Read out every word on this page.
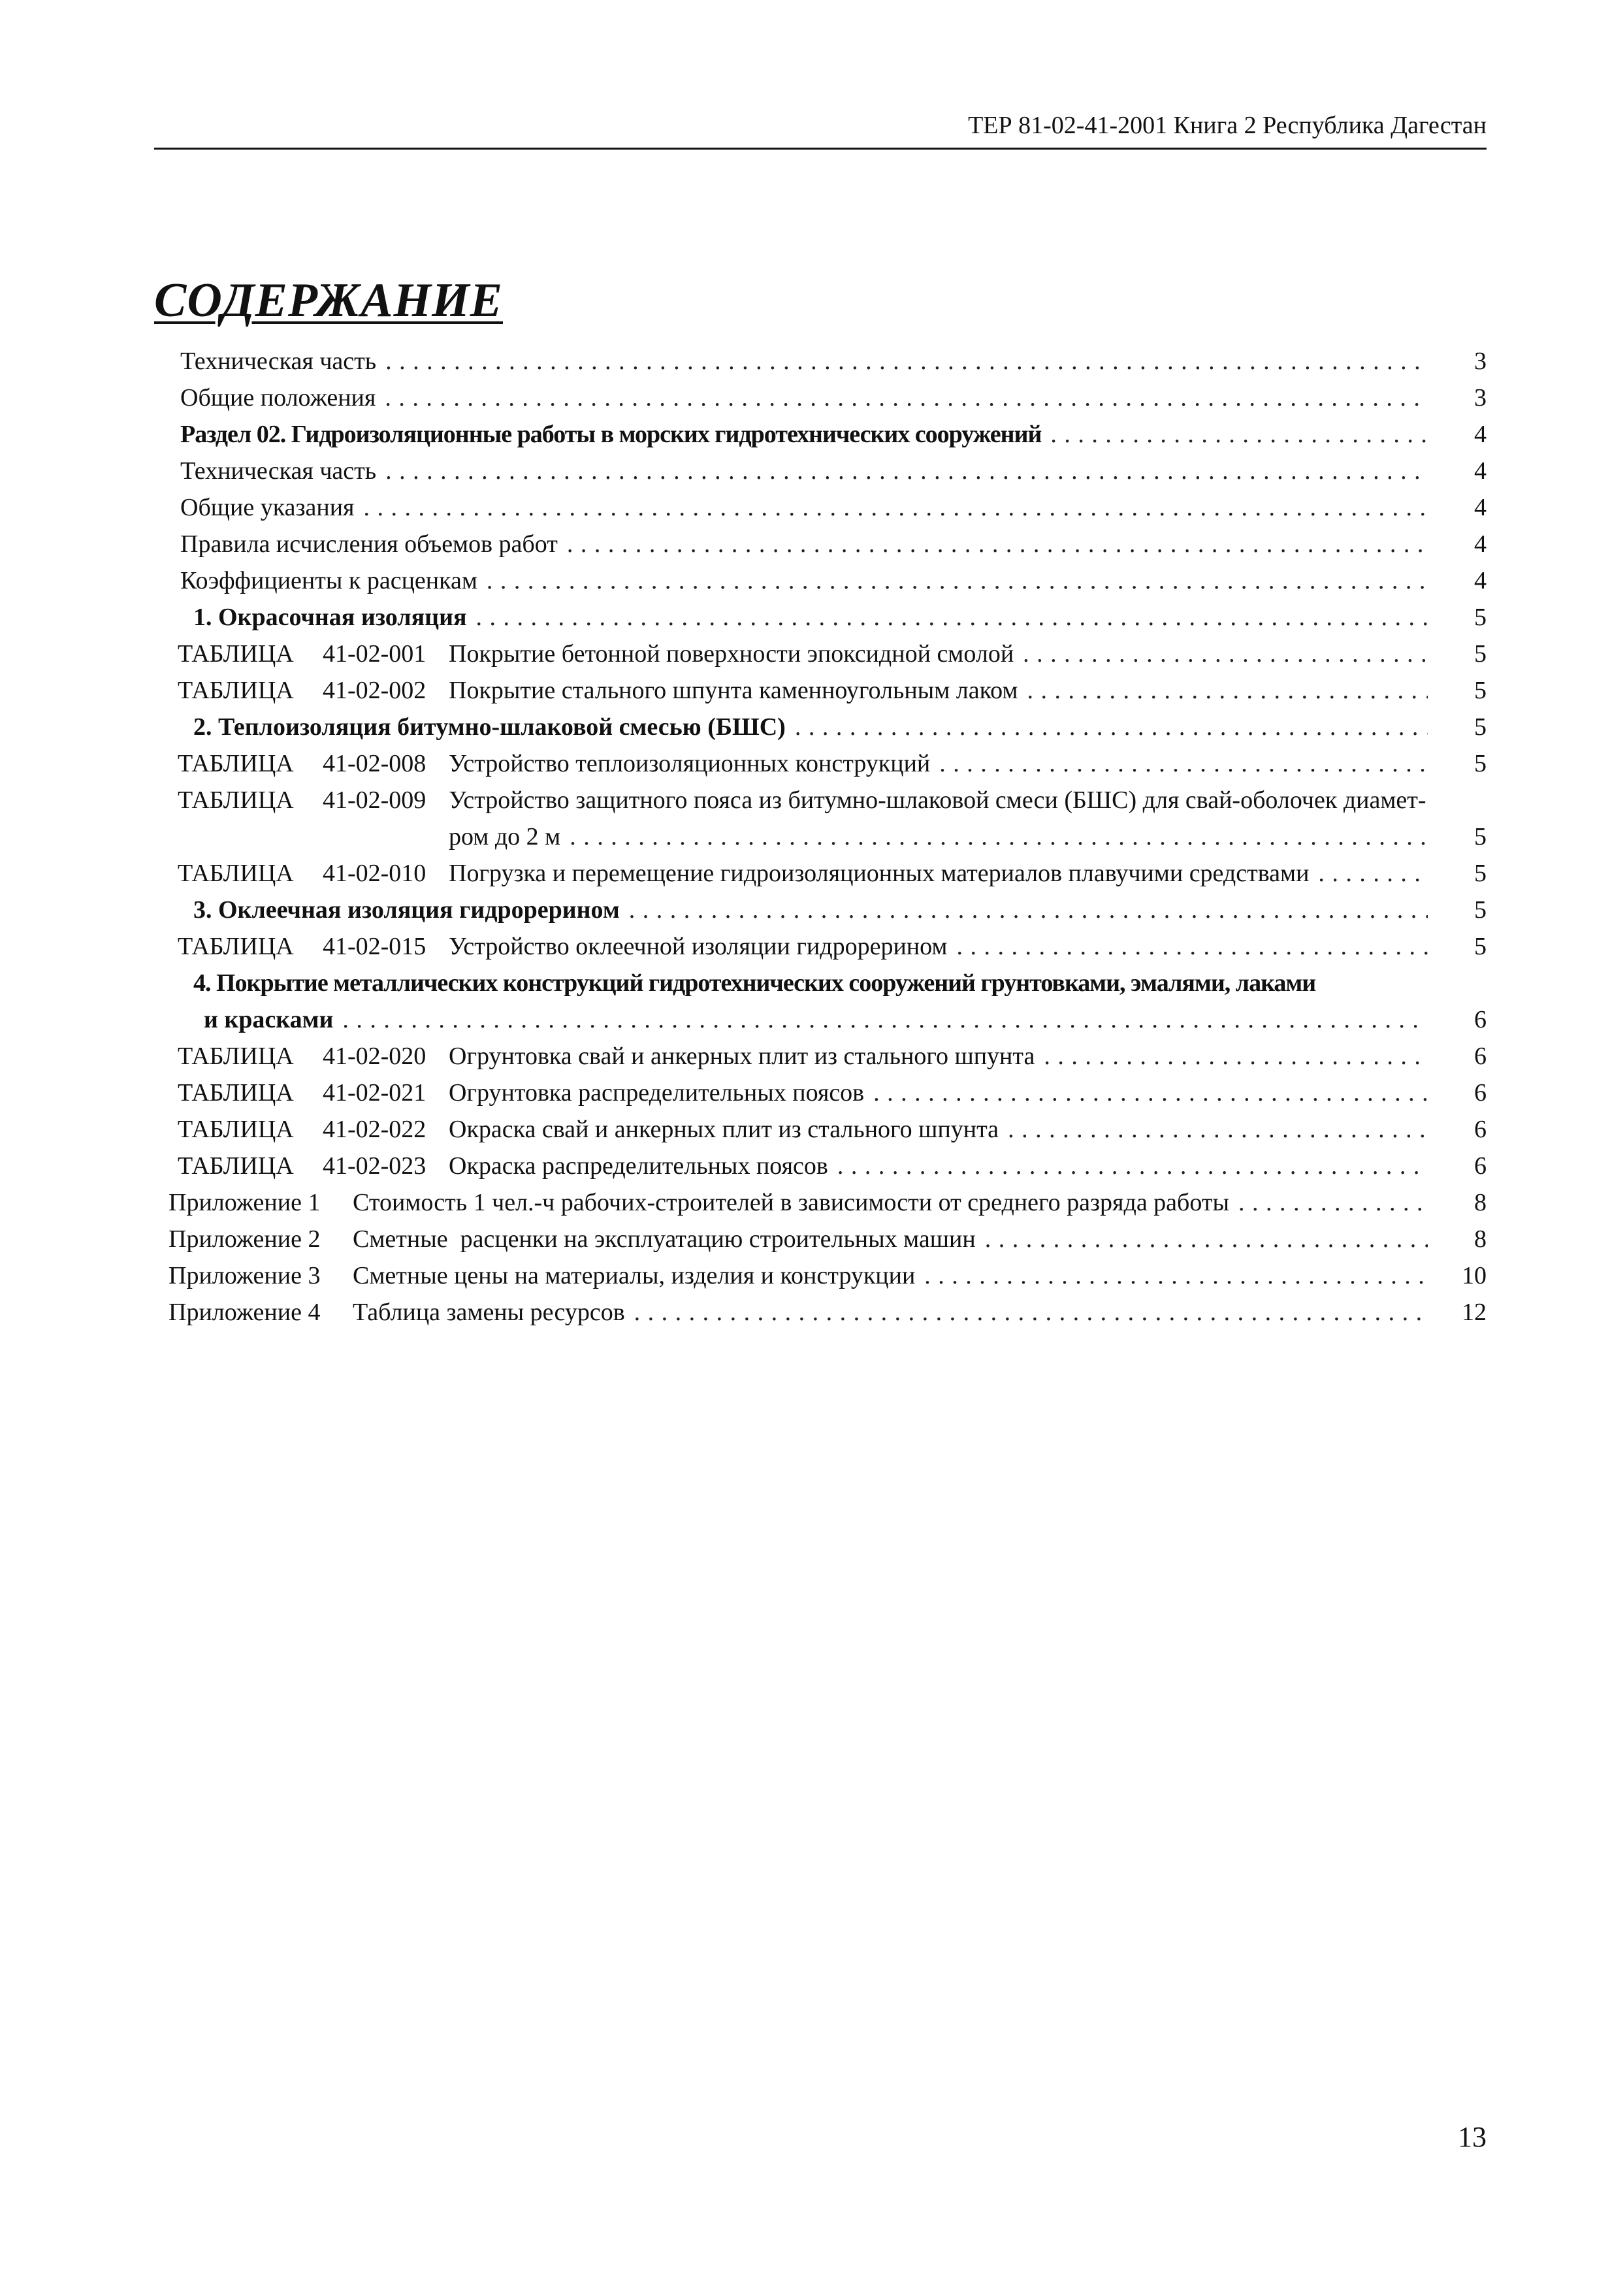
ТЕР 81-02-41-2001 Книга 2 Республика Дагестан
СОДЕРЖАНИЕ
Техническая часть . . .	3
Общие положения . . .	3
Раздел 02. Гидроизоляционные работы в морских гидротехнических сооружений . . .	4
Техническая часть . . .	4
Общие указания . . .	4
Правила исчисления объемов работ . . .	4
Коэффициенты к расценкам . . .	4
1. Окрасочная изоляция . . .	5
ТАБЛИЦА 41-02-001 Покрытие бетонной поверхности эпоксидной смолой . . .	5
ТАБЛИЦА 41-02-002 Покрытие стального шпунта каменноугольным лаком . . .	5
2. Теплоизоляция битумно-шлаковой смесью (БШС) . . .	5
ТАБЛИЦА 41-02-008 Устройство теплоизоляционных конструкций . . .	5
ТАБЛИЦА 41-02-009 Устройство защитного пояса из битумно-шлаковой смеси (БШС) для свай-оболочек диамет-
ром до 2 м . . .	5
ТАБЛИЦА 41-02-010 Погрузка и перемещение гидроизоляционных материалов плавучими средствами . . .	5
3. Оклеечная изоляция гидрорерином . . .	5
ТАБЛИЦА 41-02-015 Устройство оклеечной изоляции гидрорерином . . .	5
4. Покрытие металлических конструкций гидротехнических сооружений грунтовками, эмалями, лаками
и красками . . .	6
ТАБЛИЦА 41-02-020 Огрунтовка свай и анкерных плит из стального шпунта . . .	6
ТАБЛИЦА 41-02-021 Огрунтовка распределительных поясов . . .	6
ТАБЛИЦА 41-02-022 Окраска свай и анкерных плит из стального шпунта . . .	6
ТАБЛИЦА 41-02-023 Окраска распределительных поясов . . .	6
Приложение 1 Стоимость 1 чел.-ч рабочих-строителей в зависимости от среднего разряда работы . . .	8
Приложение 2 Сметные  расценки на эксплуатацию строительных машин . . .	8
Приложение 3 Сметные цены на материалы, изделия и конструкции . . .	10
Приложение 4 Таблица замены ресурсов . . .	12
13
